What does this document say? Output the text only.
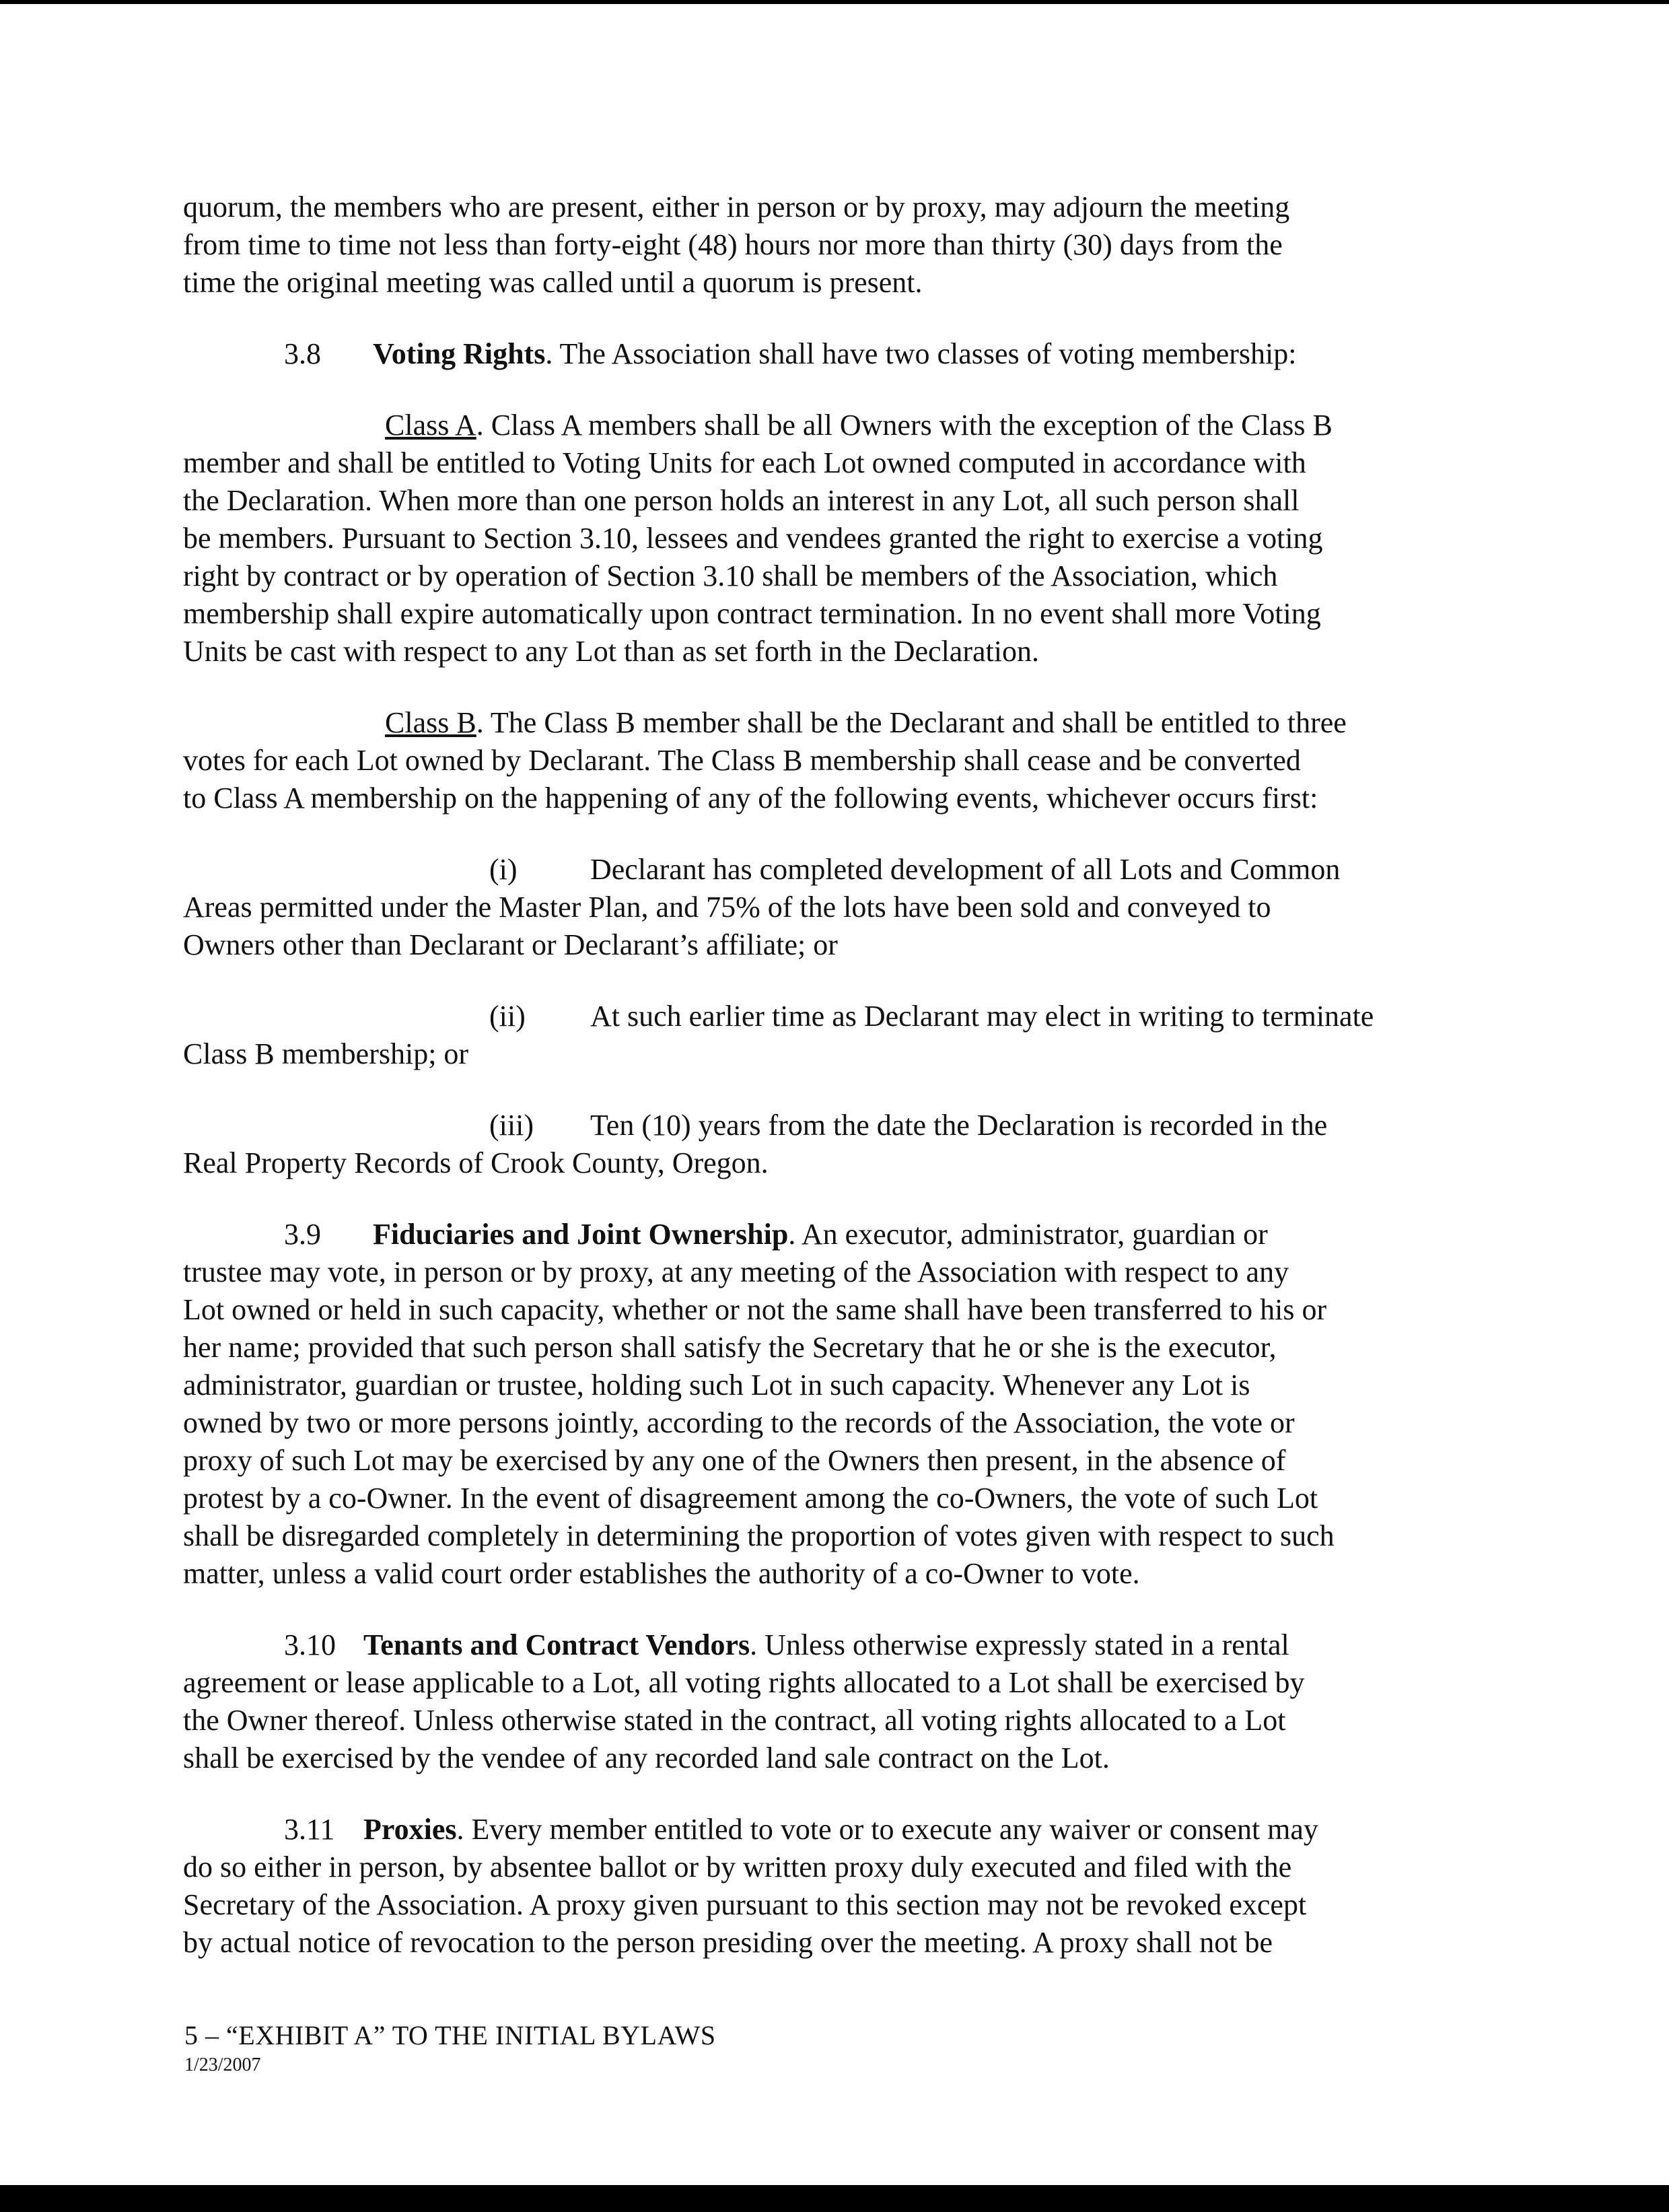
quorum, the members who are present, either in person or by proxy, may adjourn the meeting
from time to time not less than forty-eight (48) hours nor more than thirty (30) days from the
time the original meeting was called until a quorum is present.

3.8 Voting Rights. The Association shall have two classes of voting membership:

Class A. Class A members shall be all Owners with the exception of the Class B
member and shall be entitled to Voting Units for each Lot owned computed in accordance with
the Declaration. When more than one person holds an interest in any Lot, all such person shall
be members. Pursuant to Section 3.10, lessees and vendees granted the right to exercise a voting
right by contract or by operation of Section 3.10 shall be members of the Association, which
membership shall expire automatically upon contract termination. In no event shall more Voting
Units be cast with respect to any Lot than as set forth in the Declaration.

Class B. The Class B member shall be the Declarant and shall be entitled to three
votes for each Lot owned by Declarant. The Class B membership shall cease and be converted
to Class A membership on the happening of any of the following events, whichever occurs first:

(i) Declarant has completed development of all Lots and Common
Areas permitted under the Master Plan, and 75% of the lots have been sold and conveyed to
Owners other than Declarant or Declarant’s affiliate; or

(ii) At such earlier time as Declarant may elect in writing to terminate
Class B membership; or

(iii) Ten (10) years from the date the Declaration is recorded in the
Real Property Records of Crook County, Oregon.

3.9 Fiduciaries and Joint Ownership. An executor, administrator, guardian or
trustee may vote, in person or by proxy, at any meeting of the Association with respect to any
Lot owned or held in such capacity, whether or not the same shall have been transferred to his or
her name; provided that such person shall satisfy the Secretary that he or she is the executor,
administrator, guardian or trustee, holding such Lot in such capacity. Whenever any Lot is
owned by two or more persons jointly, according to the records of the Association, the vote or
proxy of such Lot may be exercised by any one of the Owners then present, in the absence of
protest by a co-Owner. In the event of disagreement among the co-Owners, the vote of such Lot
shall be disregarded completely in determining the proportion of votes given with respect to such
matter, unless a valid court order establishes the authority of a co-Owner to vote.

3.10 Tenants and Contract Vendors. Unless otherwise expressly stated in a rental
agreement or lease applicable to a Lot, all voting rights allocated to a Lot shall be exercised by
the Owner thereof. Unless otherwise stated in the contract, all voting rights allocated to a Lot
shall be exercised by the vendee of any recorded land sale contract on the Lot.

3.11 Proxies. Every member entitled to vote or to execute any waiver or consent may
do so either in person, by absentee ballot or by written proxy duly executed and filed with the
Secretary of the Association. A proxy given pursuant to this section may not be revoked except
by actual notice of revocation to the person presiding over the meeting. A proxy shall not be

5 – “EXHIBIT A” TO THE INITIAL BYLAWS
1/23/2007
